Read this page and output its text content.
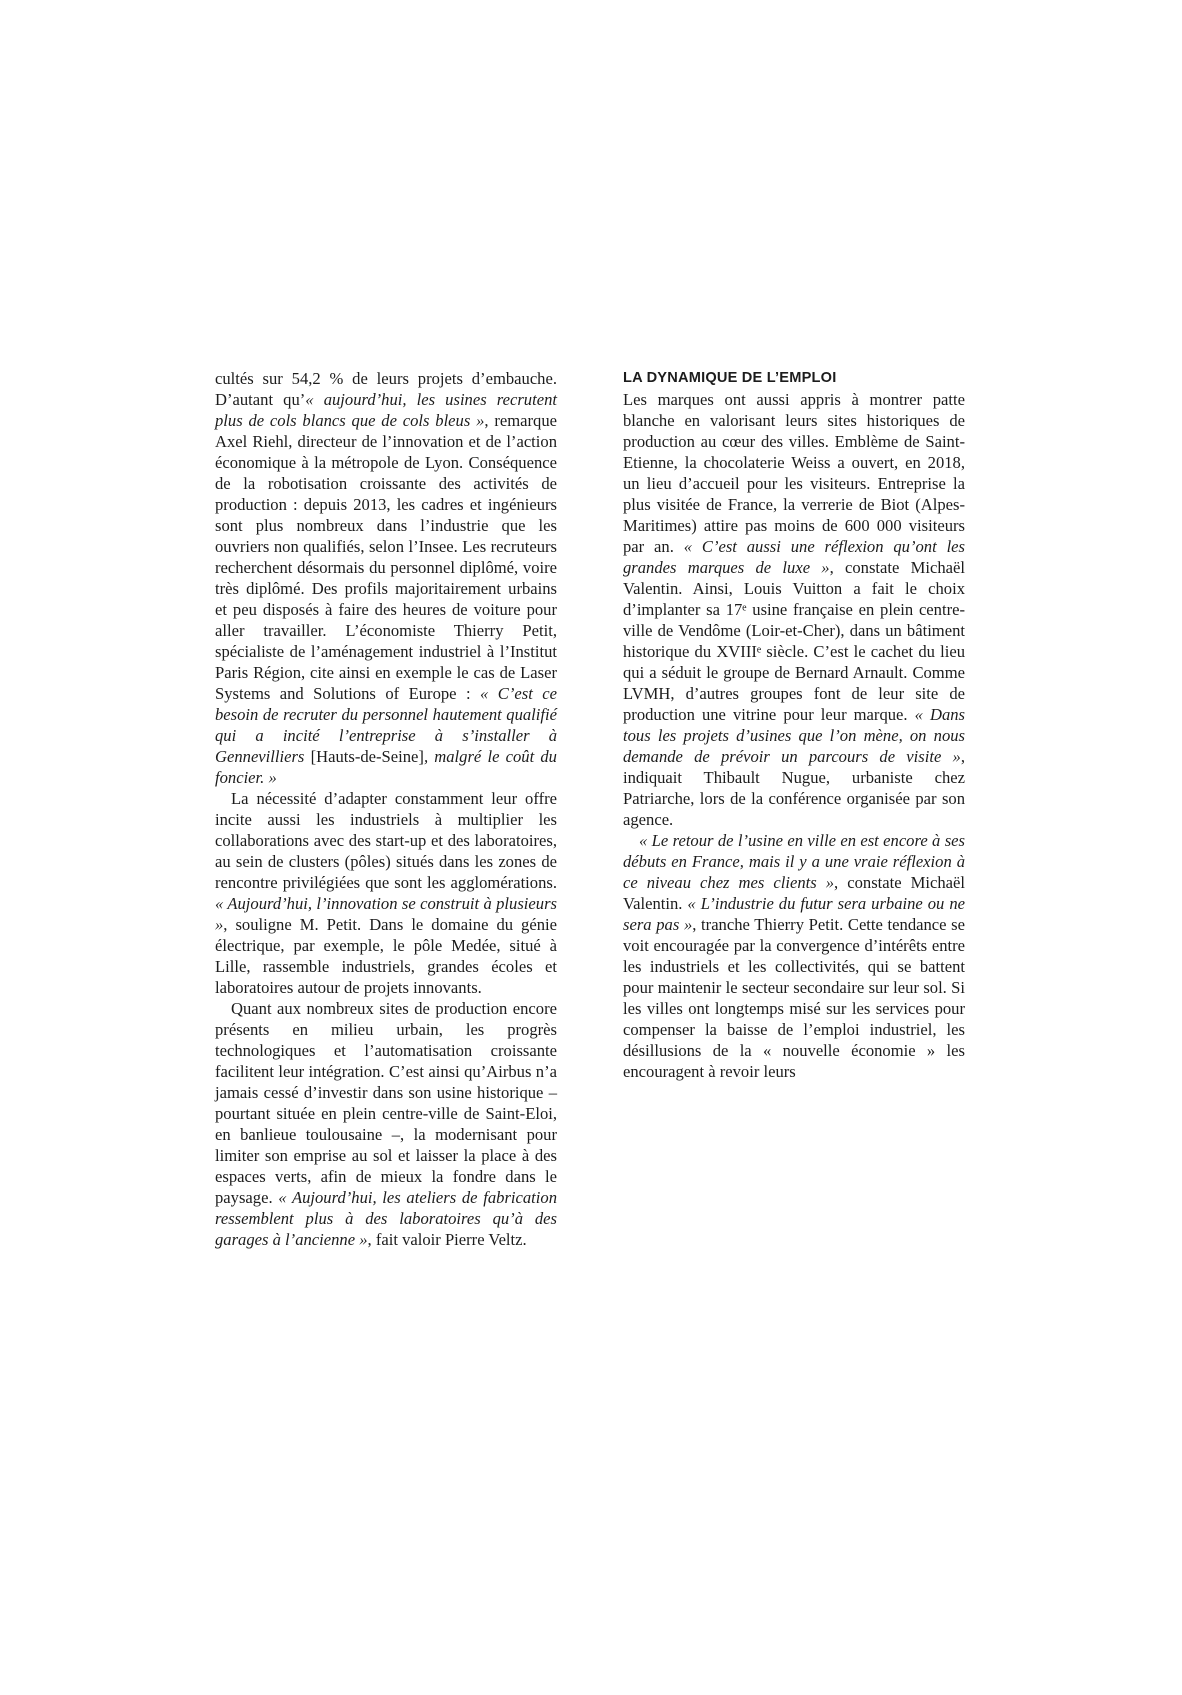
cultés sur 54,2 % de leurs projets d’embauche. D’autant qu’« aujourd’hui, les usines recrutent plus de cols blancs que de cols bleus », remarque Axel Riehl, directeur de l’innovation et de l’action économique à la métropole de Lyon. Conséquence de la robotisation croissante des activités de production : depuis 2013, les cadres et ingénieurs sont plus nombreux dans l’industrie que les ouvriers non qualifiés, selon l’Insee. Les recruteurs recherchent désormais du personnel diplômé, voire très diplômé. Des profils majoritairement urbains et peu disposés à faire des heures de voiture pour aller travailler. L’économiste Thierry Petit, spécialiste de l’aménagement industriel à l’Institut Paris Région, cite ainsi en exemple le cas de Laser Systems and Solutions of Europe : « C’est ce besoin de recruter du personnel hautement qualifié qui a incité l’entreprise à s’installer à Gennevilliers [Hauts-de-Seine], malgré le coût du foncier. »

La nécessité d’adapter constamment leur offre incite aussi les industriels à multiplier les collaborations avec des start-up et des laboratoires, au sein de clusters (pôles) situés dans les zones de rencontre privilégiées que sont les agglomérations. « Aujourd’hui, l’innovation se construit à plusieurs », souligne M. Petit. Dans le domaine du génie électrique, par exemple, le pôle Medée, situé à Lille, rassemble industriels, grandes écoles et laboratoires autour de projets innovants.

Quant aux nombreux sites de production encore présents en milieu urbain, les progrès technologiques et l’automatisation croissante facilitent leur intégration. C’est ainsi qu’Airbus n’a jamais cessé d’investir dans son usine historique – pourtant située en plein centre-ville de Saint-Eloi, en banlieue toulousaine –, la modernisant pour limiter son emprise au sol et laisser la place à des espaces verts, afin de mieux la fondre dans le paysage. « Aujourd’hui, les ateliers de fabrication ressemblent plus à des laboratoires qu’à des garages à l’ancienne », fait valoir Pierre Veltz.

LA DYNAMIQUE DE L’EMPLOI

Les marques ont aussi appris à montrer patte blanche en valorisant leurs sites historiques de production au cœur des villes. Emblème de Saint-Etienne, la chocolaterie Weiss a ouvert, en 2018, un lieu d’accueil pour les visiteurs. Entreprise la plus visitée de France, la verrerie de Biot (Alpes-Maritimes) attire pas moins de 600 000 visiteurs par an. « C’est aussi une réflexion qu’ont les grandes marques de luxe », constate Michaël Valentin. Ainsi, Louis Vuitton a fait le choix d’implanter sa 17ᵉ usine française en plein centre-ville de Vendôme (Loir-et-Cher), dans un bâtiment historique du XVIIIᵉ siècle. C’est le cachet du lieu qui a séduit le groupe de Bernard Arnault. Comme LVMH, d’autres groupes font de leur site de production une vitrine pour leur marque. « Dans tous les projets d’usines que l’on mène, on nous demande de prévoir un parcours de visite », indiquait Thibault Nugue, urbaniste chez Patriarche, lors de la conférence organisée par son agence.

« Le retour de l’usine en ville en est encore à ses débuts en France, mais il y a une vraie réflexion à ce niveau chez mes clients », constate Michaël Valentin. « L’industrie du futur sera urbaine ou ne sera pas », tranche Thierry Petit. Cette tendance se voit encouragée par la convergence d’intérêts entre les industriels et les collectivités, qui se battent pour maintenir le secteur secondaire sur leur sol. Si les villes ont longtemps misé sur les services pour compenser la baisse de l’emploi industriel, les désillusions de la « nouvelle économie » les encouragent à revoir leurs
